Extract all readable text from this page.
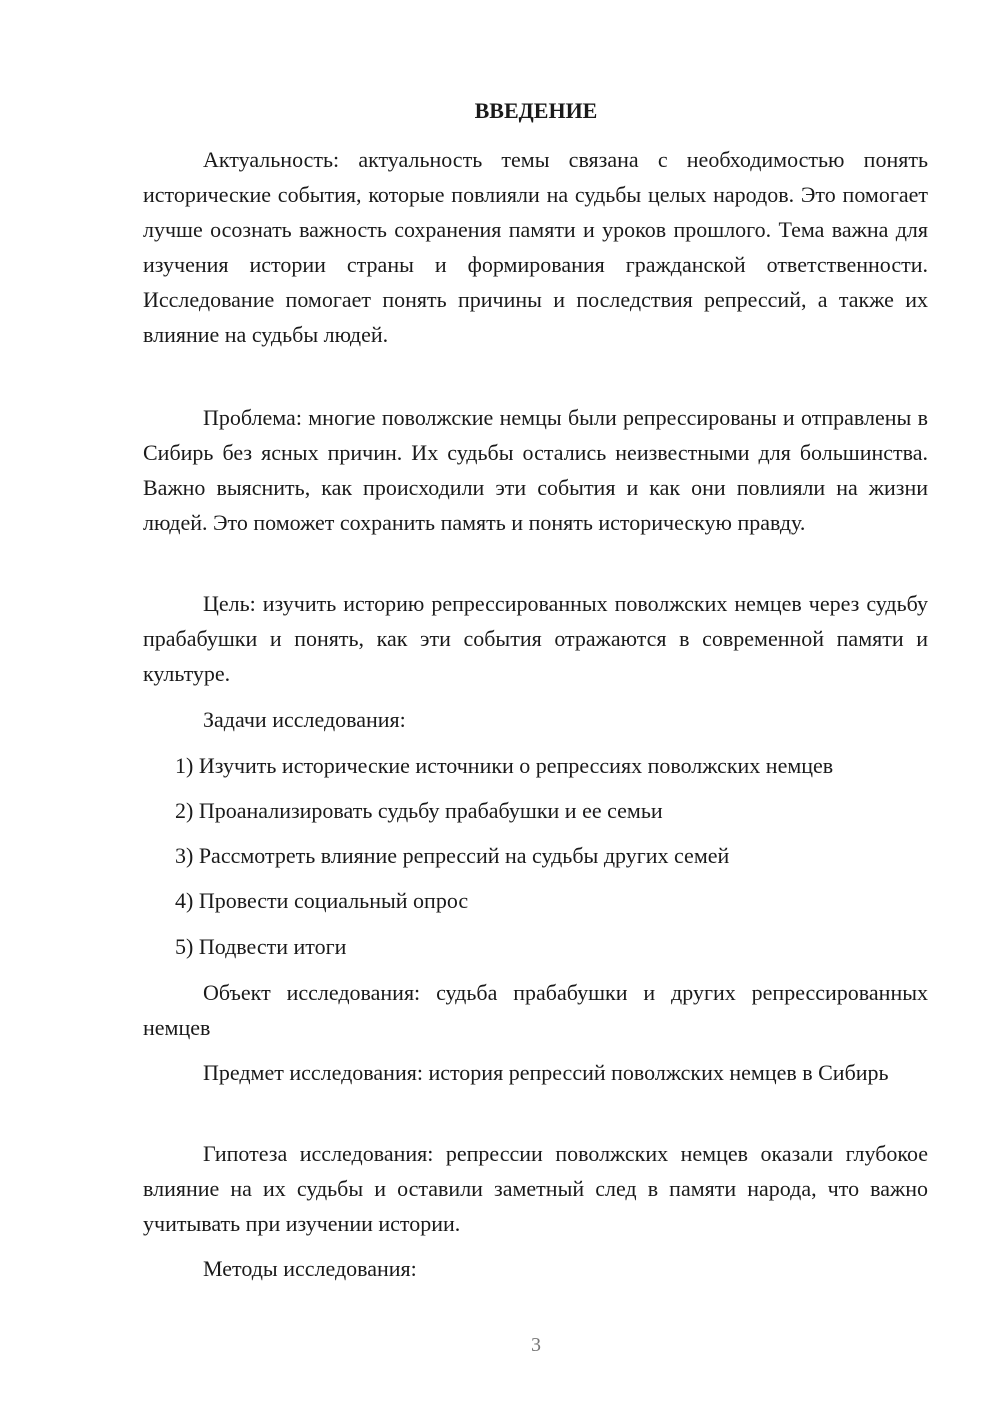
ВВЕДЕНИЕ

Актуальность: актуальность темы связана с необходимостью понять исторические события, которые повлияли на судьбы целых народов. Это помогает лучше осознать важность сохранения памяти и уроков прошлого. Тема важна для изучения истории страны и формирования гражданской ответственности. Исследование помогает понять причины и последствия репрессий, а также их влияние на судьбы людей.

Проблема: многие поволжские немцы были репрессированы и отправлены в Сибирь без ясных причин. Их судьбы остались неизвестными для большинства. Важно выяснить, как происходили эти события и как они повлияли на жизни людей. Это поможет сохранить память и понять историческую правду.

Цель: изучить историю репрессированных поволжских немцев через судьбу прабабушки и понять, как эти события отражаются в современной памяти и культуре.

Задачи исследования:

1) Изучить исторические источники о репрессиях поволжских немцев

2) Проанализировать судьбу прабабушки и ее семьи

3) Рассмотреть влияние репрессий на судьбы других семей

4) Провести социальный опрос

5) Подвести итоги

Объект исследования: судьба прабабушки и других репрессированных немцев

Предмет исследования: история репрессий поволжских немцев в Сибирь

Гипотеза исследования: репрессии поволжских немцев оказали глубокое влияние на их судьбы и оставили заметный след в памяти народа, что важно учитывать при изучении истории.

Методы исследования:

3
